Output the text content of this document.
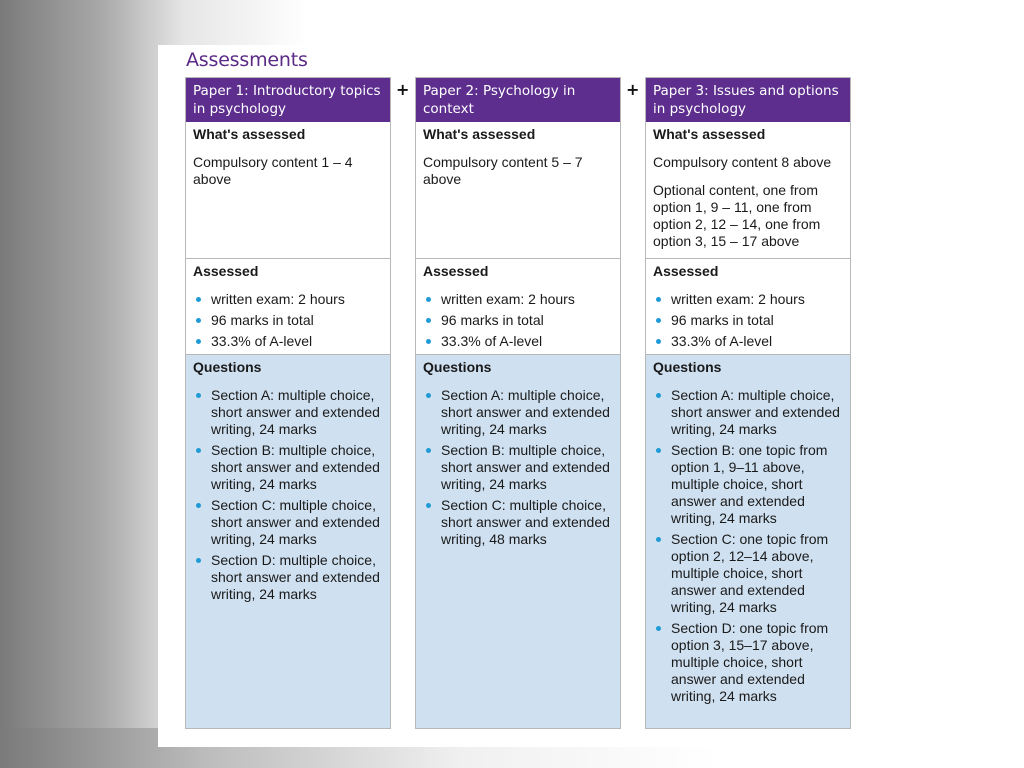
Assessments
+	+
Paper 1: Introductory topics in psychology
What's assessed

Compulsory content 1 – 4 above

Assessed
written exam: 2 hours
96 marks in total
33.3% of A-level
Questions
Section A: multiple choice, short answer and extended writing, 24 marks
Section B: multiple choice, short answer and extended writing, 24 marks
Section C: multiple choice, short answer and extended writing, 24 marks
Section D: multiple choice, short answer and extended writing, 24 marks
Paper 2: Psychology in context
What's assessed

Compulsory content 5 – 7 above

Assessed
written exam: 2 hours
96 marks in total
33.3% of A-level
Questions
Section A: multiple choice, short answer and extended writing, 24 marks
Section B: multiple choice, short answer and extended writing, 24 marks
Section C: multiple choice, short answer and extended writing, 48 marks
Paper 3: Issues and options in psychology
What's assessed

Compulsory content 8 above

Optional content, one from option 1, 9 – 11, one from option 2, 12 – 14, one from option 3, 15 – 17 above

Assessed
written exam: 2 hours
96 marks in total
33.3% of A-level
Questions
Section A: multiple choice, short answer and extended writing, 24 marks
Section B: one topic from option 1, 9–11 above, multiple choice, short answer and extended writing, 24 marks
Section C: one topic from option 2, 12–14 above, multiple choice, short answer and extended writing, 24 marks
Section D: one topic from option 3, 15–17 above, multiple choice, short answer and extended writing, 24 marks
